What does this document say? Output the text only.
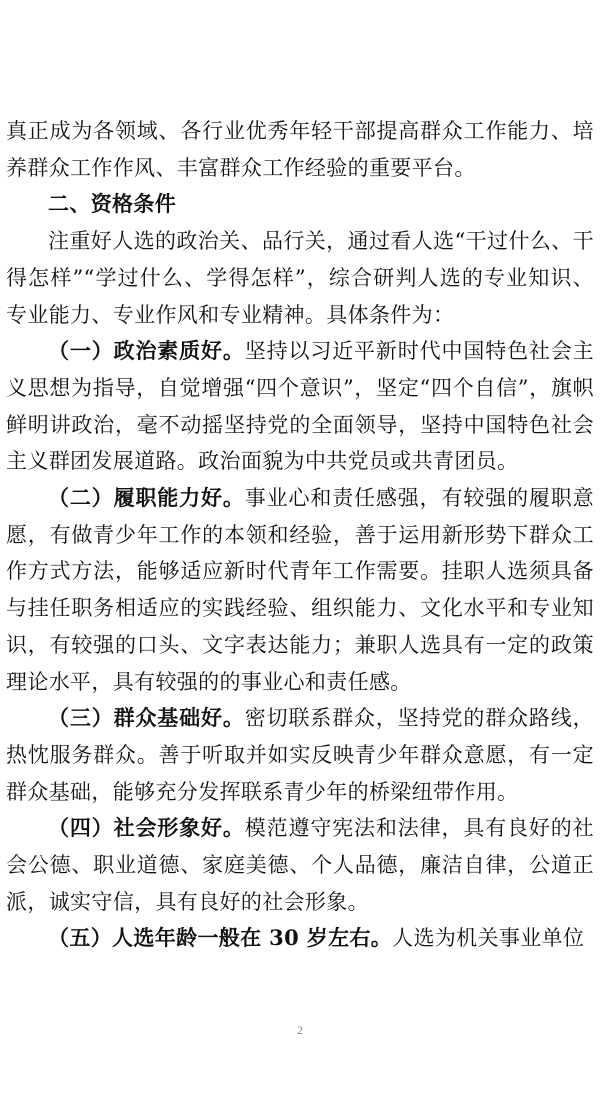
真正成为各领域、各行业优秀年轻干部提高群众工作能力、培养群众工作作风、丰富群众工作经验的重要平台。

二、资格条件

注重好人选的政治关、品行关，通过看人选“干过什么、干得怎样”“学过什么、学得怎样”，综合研判人选的专业知识、专业能力、专业作风和专业精神。具体条件为：

（一）政治素质好。坚持以习近平新时代中国特色社会主义思想为指导，自觉增强“四个意识”，坚定“四个自信”，旗帜鲜明讲政治，毫不动摇坚持党的全面领导，坚持中国特色社会主义群团发展道路。政治面貌为中共党员或共青团员。

（二）履职能力好。事业心和责任感强，有较强的履职意愿，有做青少年工作的本领和经验，善于运用新形势下群众工作方式方法，能够适应新时代青年工作需要。挂职人选须具备与挂任职务相适应的实践经验、组织能力、文化水平和专业知识，有较强的口头、文字表达能力；兼职人选具有一定的政策理论水平，具有较强的的事业心和责任感。

（三）群众基础好。密切联系群众，坚持党的群众路线，热忱服务群众。善于听取并如实反映青少年群众意愿，有一定群众基础，能够充分发挥联系青少年的桥梁纽带作用。

（四）社会形象好。模范遵守宪法和法律，具有良好的社会公德、职业道德、家庭美德、个人品德，廉洁自律，公道正派，诚实守信，具有良好的社会形象。

（五）人选年龄一般在 30 岁左右。人选为机关事业单位

2
